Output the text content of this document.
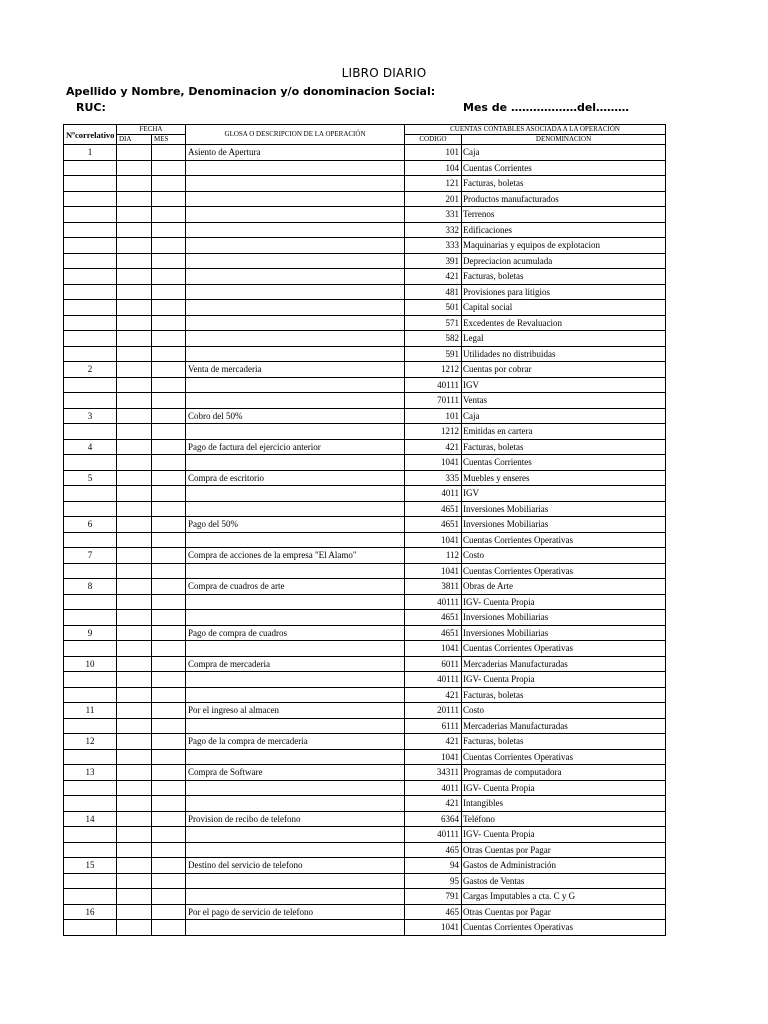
LIBRO DIARIO
Apellido y Nombre, Denominacion y/o donominacion Social:
RUC:	Mes de ………………del………
Nºcorrelativo	FECHA		GLOSA O DESCRIPCION DE LA OPERACIÓN	CUENTAS CONTABLES ASOCIADA A LA OPERACIÓN	
	DIA	MES		CODIGO	DENOMINACION
1			Asiento de Apertura	101	Caja
				104	Cuentas Corrientes
				121	Facturas, boletas
				201	Productos manufacturados
				331	Terrenos
				332	Edificaciones
				333	Maquinarias y equipos de explotacion
				391	Depreciacion acumulada
				421	Facturas, boletas
				481	Provisiones para litigios
				501	Capital social
				571	Excedentes de Revaluacion
				582	Legal
				591	Utilidades no distribuidas
2			Venta de mercaderia	1212	Cuentas por cobrar
				40111	IGV
				70111	Ventas
3			Cobro del 50%	101	Caja
				1212	Emitidas en cartera
4			Pago de factura del ejercicio anterior	421	Facturas, boletas
				1041	Cuentas Corrientes
5			Compra de escritorio	335	Muebles y enseres
				4011	IGV
				4651	Inversiones Mobiliarias
6			Pago del 50%	4651	Inversiones Mobiliarias
				1041	Cuentas Corrientes Operativas
7			Compra de acciones de la empresa "El Alamo"	112	Costo
				1041	Cuentas Corrientes Operativas
8			Compra de cuadros de arte	3811	Obras de Arte
				40111	IGV- Cuenta Propia
				4651	Inversiones Mobiliarias
9			Pago de compra de cuadros	4651	Inversiones Mobiliarias
				1041	Cuentas Corrientes Operativas
10			Compra de mercaderia	6011	Mercaderias Manufacturadas
				40111	IGV- Cuenta Propia
				421	Facturas, boletas
11			Por el ingreso al almacen	20111	Costo
				6111	Mercaderias Manufacturadas
12			Pago de la compra de mercaderia	421	Facturas, boletas
				1041	Cuentas Corrientes Operativas
13			Compra de Software	34311	Programas de computadora
				4011	IGV- Cuenta Propia
				421	Intangibles
14			Provision de recibo de telefono	6364	Teléfono
				40111	IGV- Cuenta Propia
				465	Otras Cuentas por Pagar
15			Destino del servicio de telefono	94	Gastos de Administración
				95	Gastos de Ventas
				791	Cargas Imputables a cta. C y G
16			Por el pago de servicio de telefono	465	Otras Cuentas por Pagar
				1041	Cuentas Corrientes Operativas
